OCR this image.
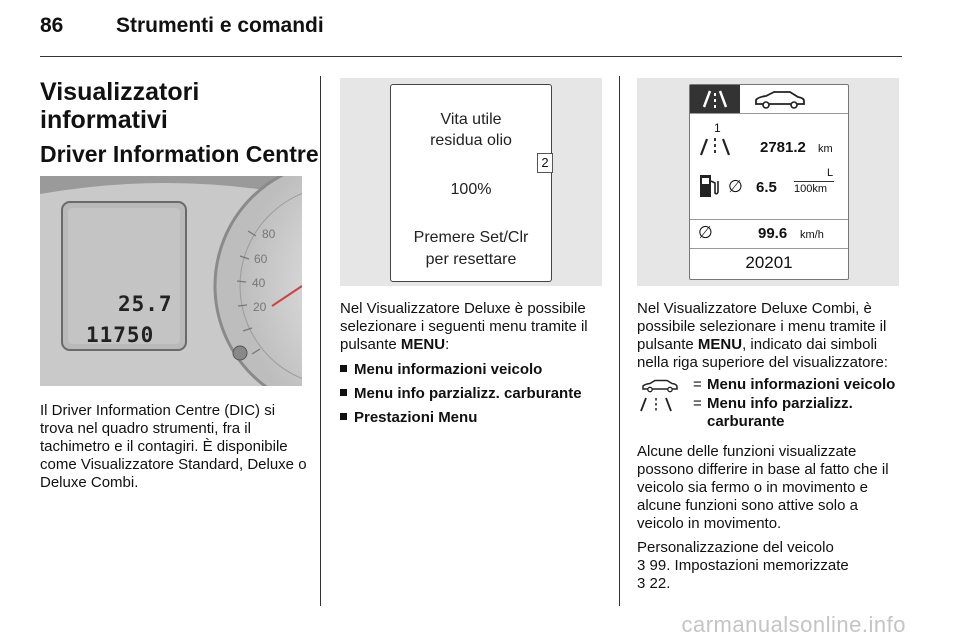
86	Strumenti e comandi
Visualizzatori informativi
Driver Information Centre
80
60
40
20
25.7
11750
Il Driver Information Centre (DIC) si trova nel quadro strumenti, fra il tachimetro e il contagiri. È disponibile come Visualizzatore Standard, Deluxe o Deluxe Combi.
Vita utile
residua olio
2
100%
Premere Set/Clr
per resettare
Nel Visualizzatore Deluxe è possibile selezionare i seguenti menu tramite il pulsante MENU:
Menu informazioni veicolo
Menu info parzializz. carburante
Prestazioni Menu
1
2781.2 km
∅ 6.5
L
100km
∅	99.6 km/h
20201
Nel Visualizzatore Deluxe Combi, è possibile selezionare i menu tramite il pulsante MENU, indicato dai simboli nella riga superiore del visualizzatore:
= Menu informazioni veicolo
= Menu info parzializz. carburante
Alcune delle funzioni visualizzate possono differire in base al fatto che il veicolo sia fermo o in movimento e alcune funzioni sono attive solo a veicolo in movimento.
Personalizzazione del veicolo
3 99. Impostazioni memorizzate
3 22.
carmanualsonline.info
